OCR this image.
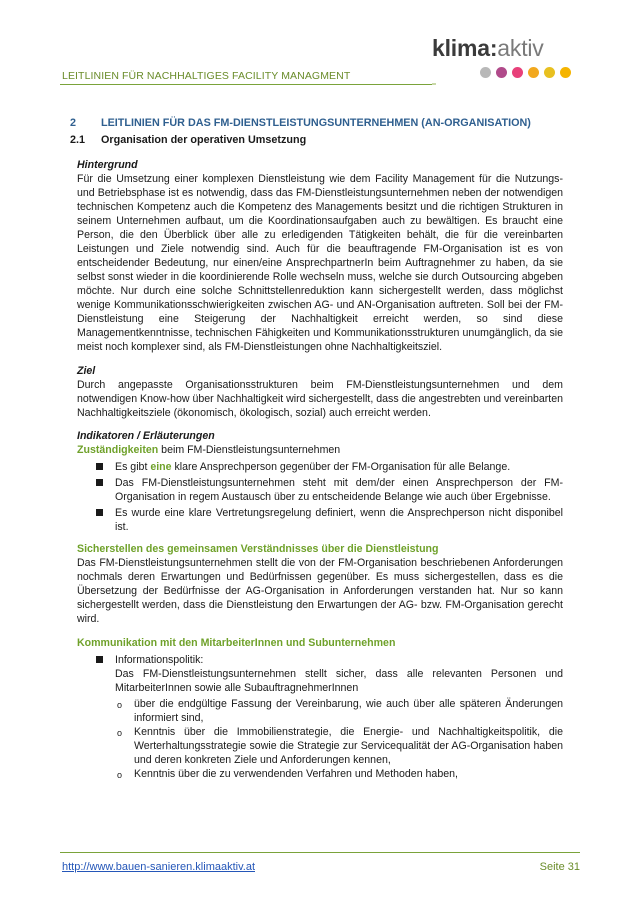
LEITLINIEN FÜR NACHHALTIGES FACILITY MANAGMENT
klima:aktiv
2	LEITLINIEN FÜR DAS FM-DIENSTLEISTUNGSUNTERNEHMEN (AN-ORGANISATION)
2.1	Organisation der operativen Umsetzung
Hintergrund

Für die Umsetzung einer komplexen Dienstleistung wie dem Facility Management für die Nutzungs- und Betriebsphase ist es notwendig, dass das FM-Dienstleistungsunternehmen neben der notwendigen technischen Kompetenz auch die Kompetenz des Managements besitzt und die richtigen Strukturen in seinem Unternehmen aufbaut, um die Koordinationsaufgaben auch zu bewältigen. Es braucht eine Person, die den Überblick über alle zu erledigenden Tätigkeiten behält, die für die vereinbarten Leistungen und Ziele notwendig sind. Auch für die beauftragende FM-Organisation ist es von entscheidender Bedeutung, nur einen/eine AnsprechpartnerIn beim Auftragnehmer zu haben, da sie selbst sonst wieder in die koordinierende Rolle wechseln muss, welche sie durch Outsourcing abgeben möchte. Nur durch eine solche Schnittstellenreduktion kann sichergestellt werden, dass möglichst wenige Kommunikationsschwierigkeiten zwischen AG- und AN-Organisation auftreten. Soll bei der FM-Dienstleistung eine Steigerung der Nachhaltigkeit erreicht werden, so sind diese Managementkenntnisse, technischen Fähigkeiten und Kommunikationsstrukturen unumgänglich, da sie meist noch komplexer sind, als FM-Dienstleistungen ohne Nachhaltigkeitsziel.

Ziel

Durch angepasste Organisationsstrukturen beim FM-Dienstleistungsunternehmen und dem notwendigen Know-how über Nachhaltigkeit wird sichergestellt, dass die angestrebten und vereinbarten Nachhaltigkeitsziele (ökonomisch, ökologisch, sozial) auch erreicht werden.

Indikatoren / Erläuterungen
Zuständigkeiten beim FM-Dienstleistungsunternehmen
Es gibt eine klare Ansprechperson gegenüber der FM-Organisation für alle Belange.
Das FM-Dienstleistungsunternehmen steht mit dem/der einen Ansprechperson der FM-Organisation in regem Austausch über zu entscheidende Belange wie auch über Ergebnisse.
Es wurde eine klare Vertretungsregelung definiert, wenn die Ansprechperson nicht disponibel ist.
Sicherstellen des gemeinsamen Verständnisses über die Dienstleistung

Das FM-Dienstleistungsunternehmen stellt die von der FM-Organisation beschriebenen Anforderungen nochmals deren Erwartungen und Bedürfnissen gegenüber. Es muss sichergestellen, dass es die Übersetzung der Bedürfnisse der AG-Organisation in Anforderungen verstanden hat. Nur so kann sichergestellt werden, dass die Dienstleistung den Erwartungen der AG- bzw. FM-Organisation gerecht wird.

Kommunikation mit den MitarbeiterInnen und Subunternehmen
Informationspolitik:
Das FM-Dienstleistungsunternehmen stellt sicher, dass alle relevanten Personen und MitarbeiterInnen sowie alle SubauftragnehmerInnen
o über die endgültige Fassung der Vereinbarung, wie auch über alle späteren Änderungen informiert sind,
o Kenntnis über die Immobilienstrategie, die Energie- und Nachhaltigkeitspolitik, die Werterhaltungsstrategie sowie die Strategie zur Servicequalität der AG-Organisation haben und deren konkreten Ziele und Anforderungen kennen,
o Kenntnis über die zu verwendenden Verfahren und Methoden haben,
http://www.bauen-sanieren.klimaaktiv.at	Seite 31
